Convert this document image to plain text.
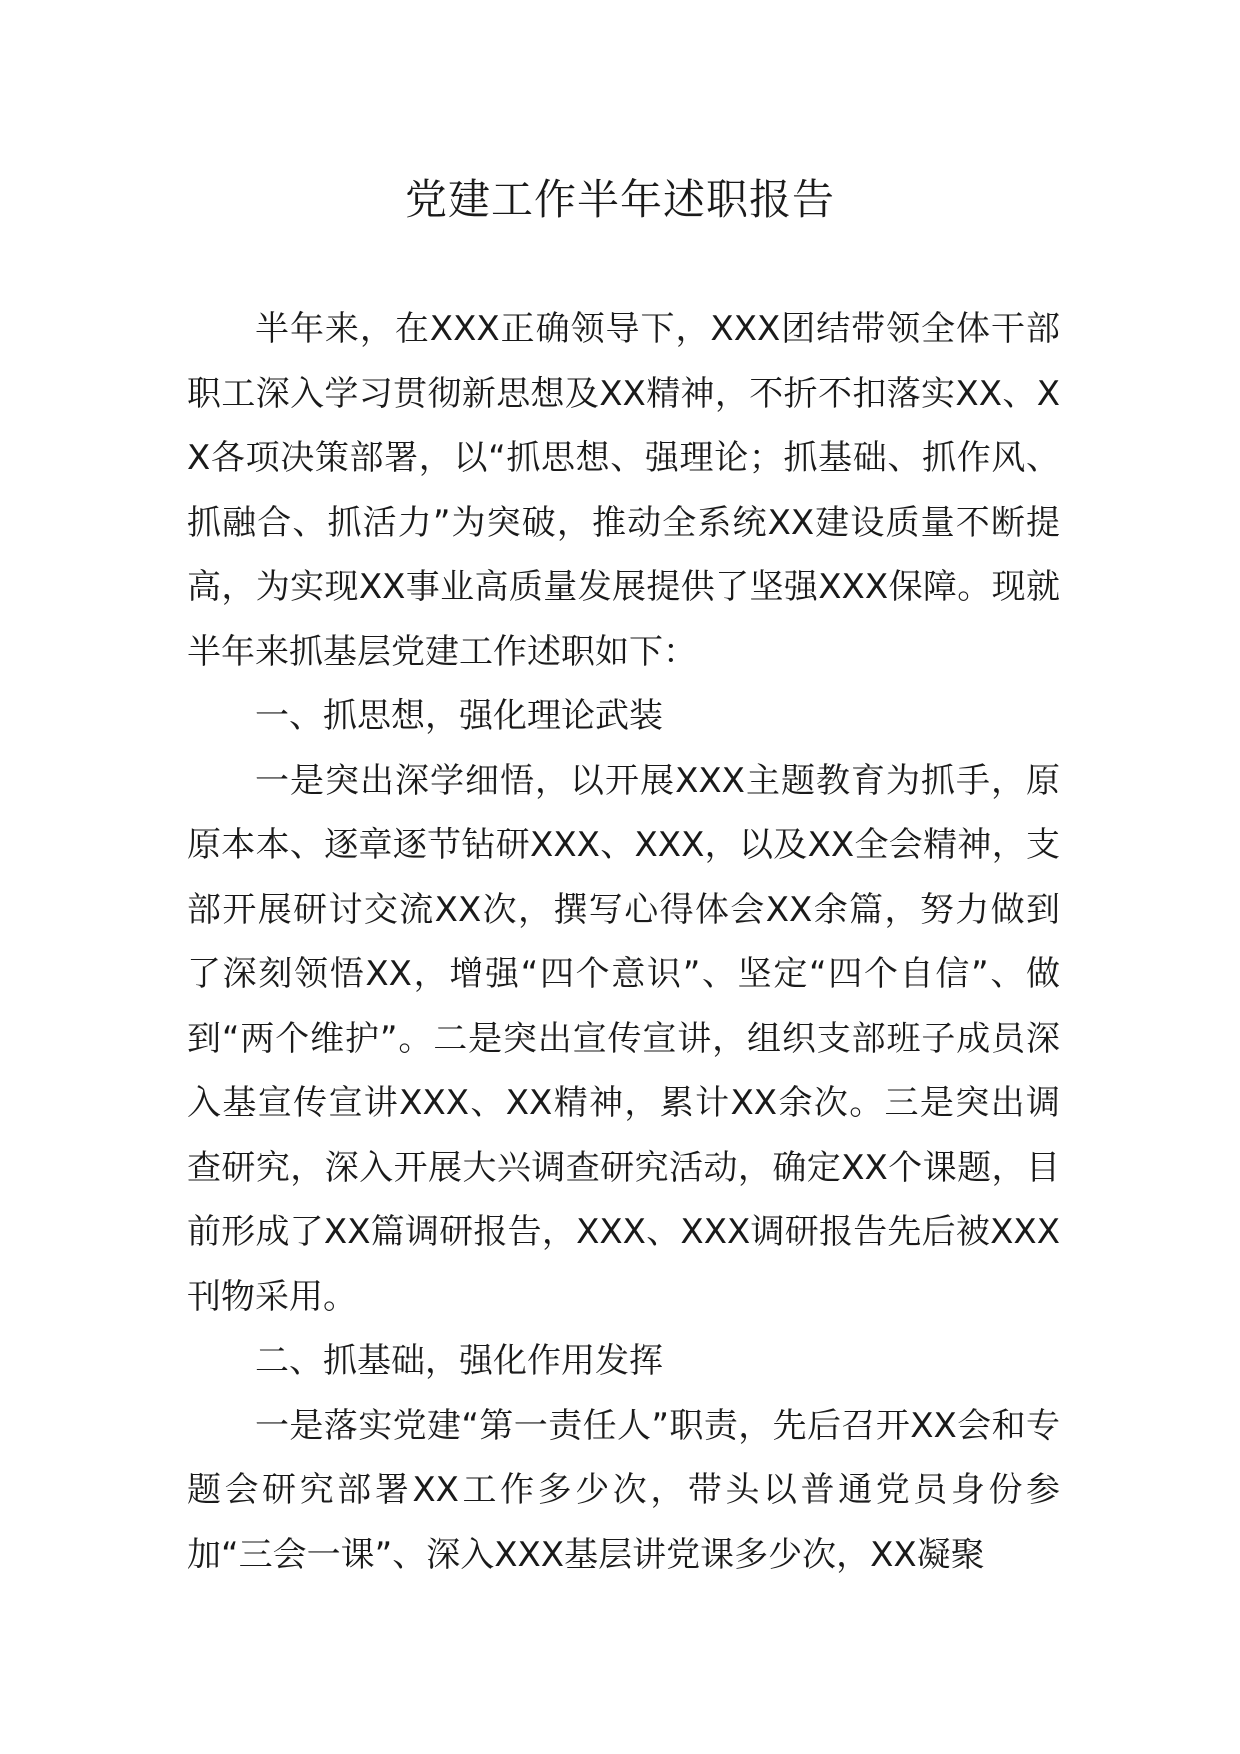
党建工作半年述职报告

半年来，在XXX正确领导下，XXX团结带领全体干部职工深入学习贯彻新思想及XX精神，不折不扣落实XX、XX各项决策部署，以“抓思想、强理论；抓基础、抓作风、抓融合、抓活力”为突破，推动全系统XX建设质量不断提高，为实现XX事业高质量发展提供了坚强XXX保障。现就半年来抓基层党建工作述职如下：

一、抓思想，强化理论武装

一是突出深学细悟，以开展XXX主题教育为抓手，原原本本、逐章逐节钻研XXX、XXX，以及XX全会精神，支部开展研讨交流XX次，撰写心得体会XX余篇，努力做到了深刻领悟XX，增强“四个意识”、坚定“四个自信”、做到“两个维护”。二是突出宣传宣讲，组织支部班子成员深入基宣传宣讲XXX、XX精神，累计XX余次。三是突出调查研究，深入开展大兴调查研究活动，确定XX个课题，目前形成了XX篇调研报告，XXX、XXX调研报告先后被XXX刊物采用。

二、抓基础，强化作用发挥

一是落实党建“第一责任人”职责，先后召开XX会和专题会研究部署XX工作多少次，带头以普通党员身份参加“三会一课”、深入XXX基层讲党课多少次，XX凝聚
